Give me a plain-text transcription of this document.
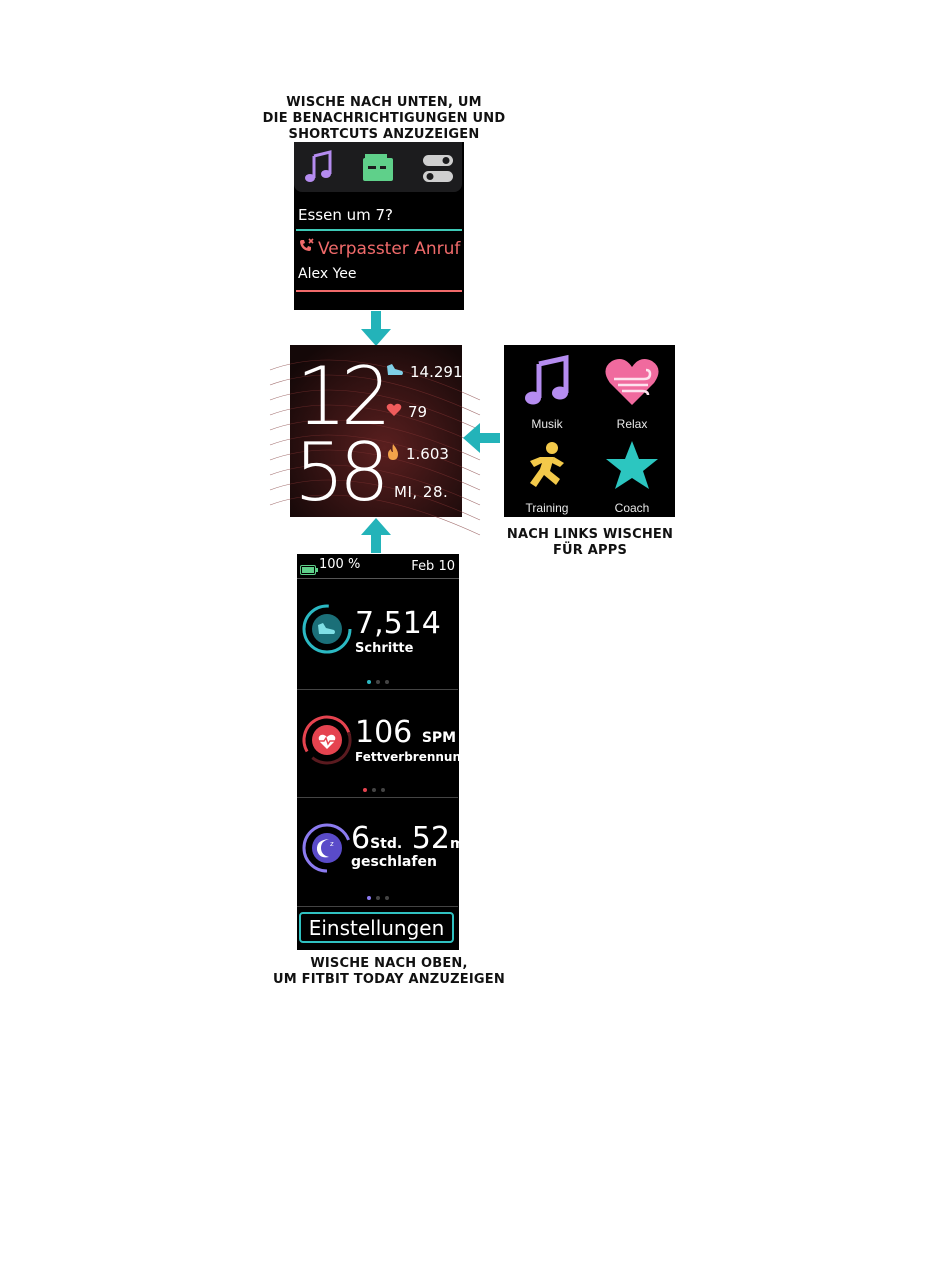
WISCHE NACH UNTEN, UM
DIE BENACHRICHTIGUNGEN UND
SHORTCUTS ANZUZEIGEN
Essen um 7?
Verpasster Anruf
Alex Yee
12
58
14.291
79
1.603
MI, 28.
Musik	Relax
Training	Coach
NACH LINKS WISCHEN
FÜR APPS
100 %	Feb 10
7,514
Schritte
106 SPM
Fettverbrennung
z 6Std. 52m
geschlafen
Einstellungen
WISCHE NACH OBEN,
UM FITBIT TODAY ANZUZEIGEN
